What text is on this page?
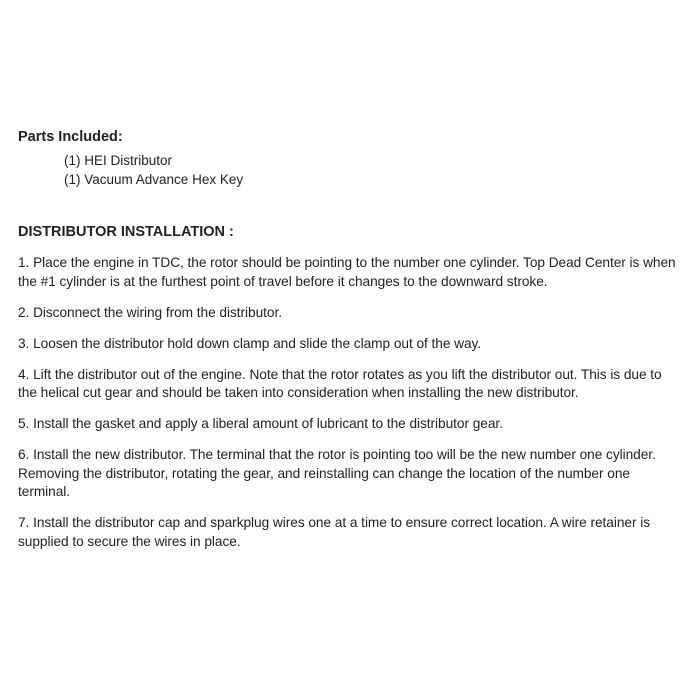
Parts Included:
(1) HEI Distributor
(1) Vacuum Advance Hex Key
DISTRIBUTOR INSTALLATION :
1. Place the engine in TDC, the rotor should be pointing to the number one cylinder. Top Dead Center is when the #1 cylinder is at the furthest point of travel before it changes to the downward stroke.
2. Disconnect the wiring from the distributor.
3. Loosen the distributor hold down clamp and slide the clamp out of the way.
4. Lift the distributor out of the engine. Note that the rotor rotates as you lift the distributor out. This is due to the helical cut gear and should be taken into consideration when installing the new distributor.
5. Install the gasket and apply a liberal amount of lubricant to the distributor gear.
6. Install the new distributor. The terminal that the rotor is pointing too will be the new number one cylinder. Removing the distributor, rotating the gear, and reinstalling can change the location of the number one terminal.
7. Install the distributor cap and sparkplug wires one at a time to ensure correct location. A wire retainer is supplied to secure the wires in place.
